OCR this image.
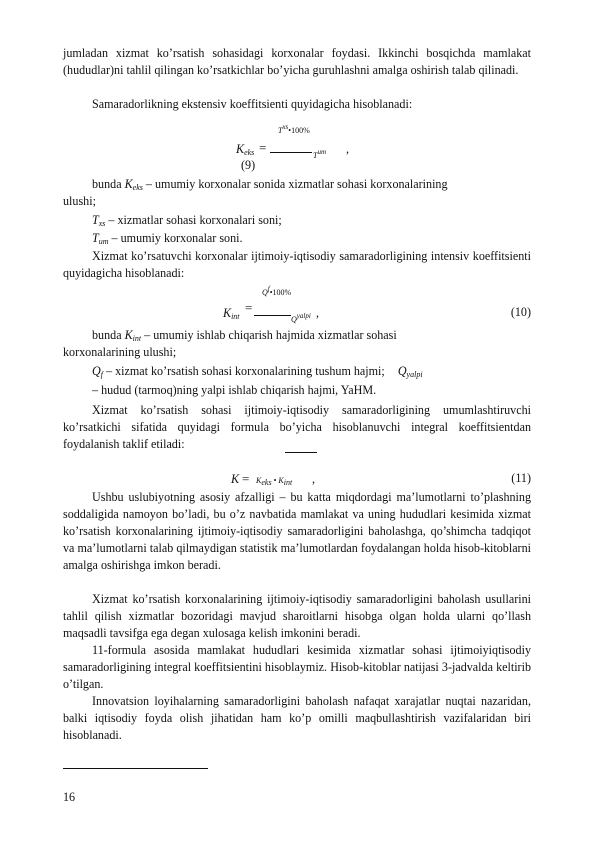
jumladan xizmat ko’rsatish sohasidagi korxonalar foydasi. Ikkinchi bosqichda mamlakat (hududlar)ni tahlil qilingan ko’rsatkichlar bo’yicha guruhlashni amalga oshirish talab qilinadi.

Samaradorlikning ekstensiv koeffitsienti quyidagicha hisoblanadi:

Txs•100%
$K_{eks}$ =
Tum ,
(9)
bunda $K_{eks}$ – umumiy korxonalar sonida xizmatlar sohasi korxonalarining
ulushi;
$T_{xs}$ – xizmatlar sohasi korxonalari soni;
$T_{um}$ – umumiy korxonalar soni.

Xizmat ko’rsatuvchi korxonalar ijtimoiy-iqtisodiy samaradorligining intensiv koeffitsienti quyidagicha hisoblanadi:

Qf•100%
$K_{int}$
=
Qyalpi ,	(10)
bunda $K_{int}$ – umumiy ishlab chiqarish hajmida xizmatlar sohasi
korxonalarining ulushi;
$Q_f$ – xizmat ko’rsatish sohasi korxonalarining tushum hajmi; $Q_{yalpi}$
– hudud (tarmoq)ning yalpi ishlab chiqarish hajmi, YaHM.

Xizmat ko’rsatish sohasi ijtimoiy-iqtisodiy samaradorligining umumlashtiruvchi ko’rsatkichi sifatida quyidagi formula bo’yicha hisoblanuvchi integral koeffitsientdan foydalanish taklif etiladi:

K = Keks • Kint ,	(11)

Ushbu uslubiyotning asosiy afzalligi – bu katta miqdordagi ma’lumotlarni to’plashning soddaligida namoyon bo’ladi, bu o’z navbatida mamlakat va uning hududlari kesimida xizmat ko’rsatish korxonalarining ijtimoiy-iqtisodiy samaradorligini baholashga, qo’shimcha tadqiqot va ma’lumotlarni talab qilmaydigan statistik ma’lumotlardan foydalangan holda hisob-kitoblarni amalga oshirishga imkon beradi.

Xizmat ko’rsatish korxonalarining ijtimoiy-iqtisodiy samaradorligini baholash usullarini tahlil qilish xizmatlar bozoridagi mavjud sharoitlarni hisobga olgan holda ularni qo’llash maqsadli tavsifga ega degan xulosaga kelish imkonini beradi.

11-formula asosida mamlakat hududlari kesimida xizmatlar sohasi ijtimoiyiqtisodiy samaradorligining integral koeffitsientini hisoblaymiz. Hisob-kitoblar natijasi 3-jadvalda keltirib o’tilgan.

Innovatsion loyihalarning samaradorligini baholash nafaqat xarajatlar nuqtai nazaridan, balki iqtisodiy foyda olish jihatidan ham ko’p omilli maqbullashtirish vazifalaridan biri hisoblanadi.

16
